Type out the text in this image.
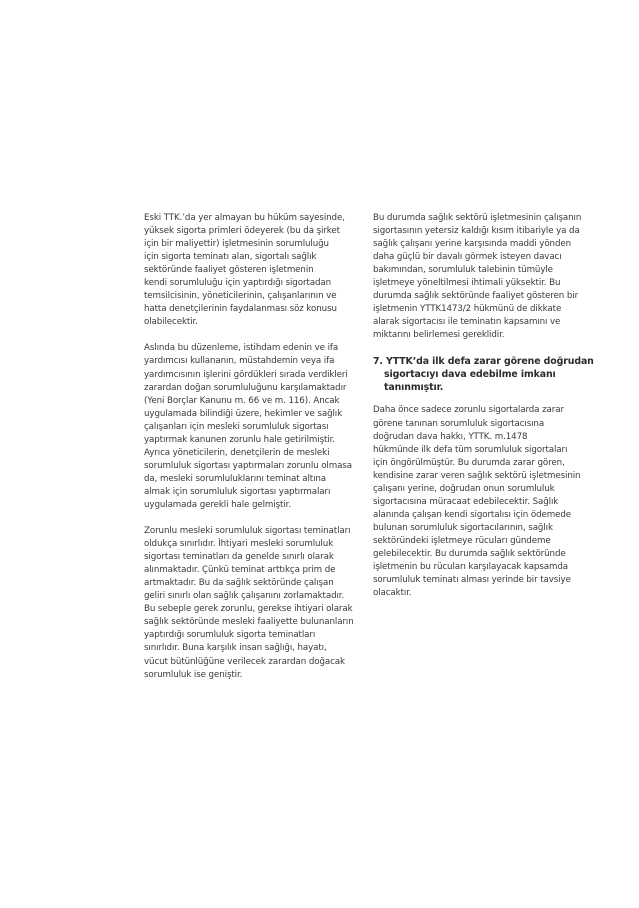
Eski TTK.’da yer almayan bu hüküm sayesinde,
yüksek sigorta primleri ödeyerek (bu da şirket
için bir maliyettir) işletmesinin sorumluluğu
için sigorta teminatı alan, sigortalı sağlık
sektöründe faaliyet gösteren işletmenin
kendi sorumluluğu için yaptırdığı sigortadan
temsilcisinin, yöneticilerinin, çalışanlarının ve
hatta denetçilerinin faydalanması söz konusu
olabilecektir.
Aslında bu düzenleme, istihdam edenin ve ifa
yardımcısı kullananın, müstahdemin veya ifa
yardımcısının işlerini gördükleri sırada verdikleri
zarardan doğan sorumluluğunu karşılamaktadır
(Yeni Borçlar Kanunu m. 66 ve m. 116). Ancak
uygulamada bilindiği üzere, hekimler ve sağlık
çalışanları için mesleki sorumluluk sigortası
yaptırmak kanunen zorunlu hale getirilmiştir.
Ayrıca yöneticilerin, denetçilerin de mesleki
sorumluluk sigortası yaptırmaları zorunlu olmasa
da, mesleki sorumluluklarını teminat altına
almak için sorumluluk sigortası yaptırmaları
uygulamada gerekli hale gelmiştir.
Zorunlu mesleki sorumluluk sigortası teminatları
oldukça sınırlıdır. İhtiyari mesleki sorumluluk
sigortası teminatları da genelde sınırlı olarak
alınmaktadır. Çünkü teminat arttıkça prim de
artmaktadır. Bu da sağlık sektöründe çalışan
geliri sınırlı olan sağlık çalışanını zorlamaktadır.
Bu sebeple gerek zorunlu, gerekse ihtiyari olarak
sağlık sektöründe mesleki faaliyette bulunanların
yaptırdığı sorumluluk sigorta teminatları
sınırlıdır. Buna karşılık insan sağlığı, hayatı,
vücut bütünlüğüne verilecek zarardan doğacak
sorumluluk ise geniştir.
Bu durumda sağlık sektörü işletmesinin çalışanın
sigortasının yetersiz kaldığı kısım itibariyle ya da
sağlık çalışanı yerine karşısında maddi yönden
daha güçlü bir davalı görmek isteyen davacı
bakımından, sorumluluk talebinin tümüyle
işletmeye yöneltilmesi ihtimali yüksektir. Bu
durumda sağlık sektöründe faaliyet gösteren bir
işletmenin YTTK1473/2 hükmünü de dikkate
alarak sigortacısı ile teminatın kapsamını ve
miktarını belirlemesi gereklidir.
7. YTTK’da ilk defa zarar görene doğrudan
sigortacıyı dava edebilme imkanı
tanınmıştır.
Daha önce sadece zorunlu sigortalarda zarar
görene tanınan sorumluluk sigortacısına
doğrudan dava hakkı, YTTK. m.1478
hükmünde ilk defa tüm sorumluluk sigortaları
için öngörülmüştür. Bu durumda zarar gören,
kendisine zarar veren sağlık sektörü işletmesinin
çalışanı yerine, doğrudan onun sorumluluk
sigortacısına müracaat edebilecektir. Sağlık
alanında çalışan kendi sigortalısı için ödemede
bulunan sorumluluk sigortacılarının, sağlık
sektöründeki işletmeye rücuları gündeme
gelebilecektir. Bu durumda sağlık sektöründe
işletmenin bu rücuları karşılayacak kapsamda
sorumluluk teminatı alması yerinde bir tavsiye
olacaktır.
